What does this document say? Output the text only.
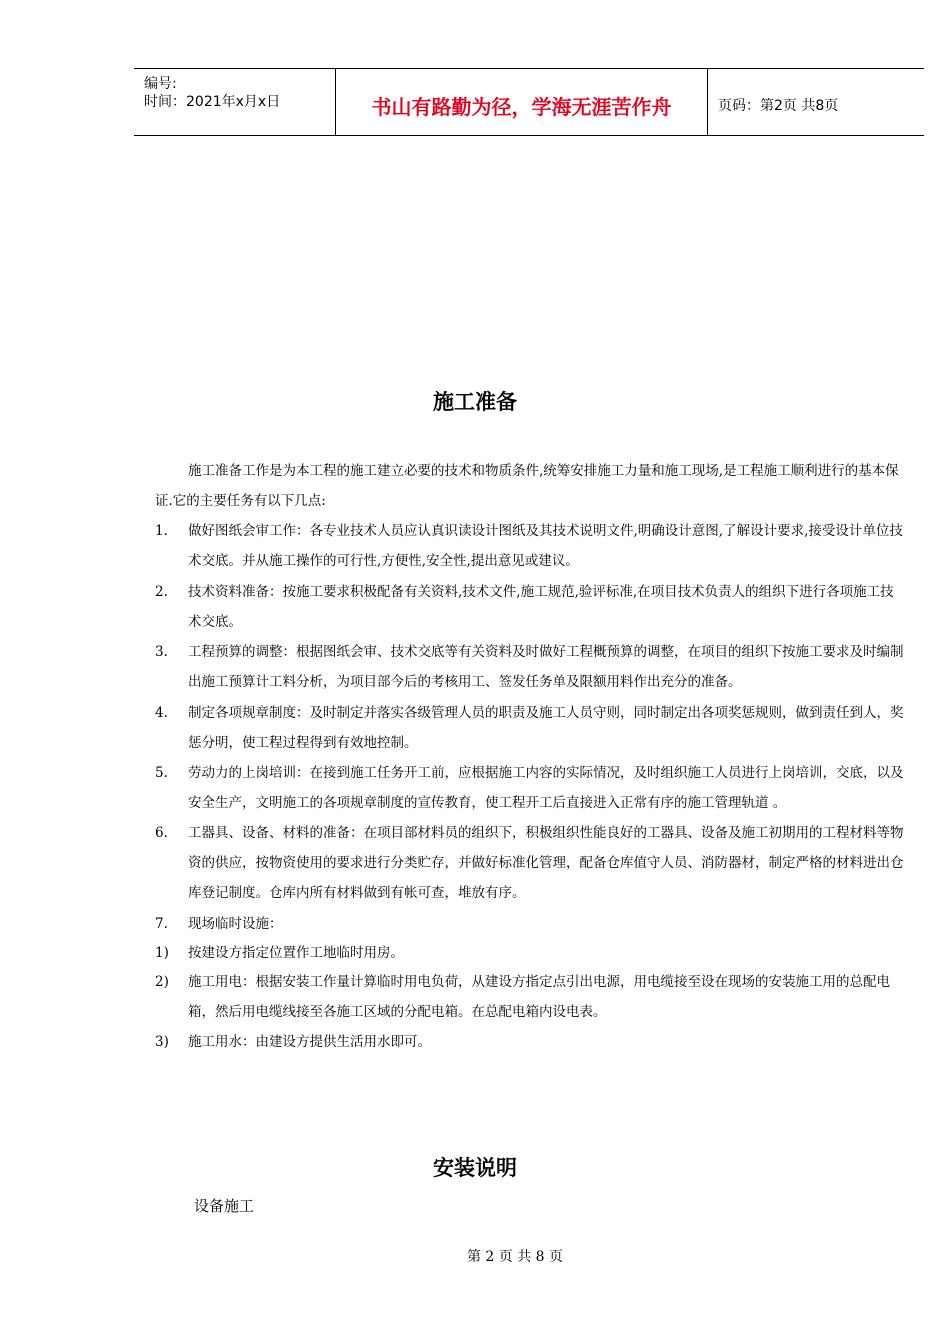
编号:
时间：2021年x月x日	书山有路勤为径，学海无涯苦作舟	页码：第2页 共8页
施工准备
施工准备工作是为本工程的施工建立必要的技术和物质条件,统筹安排施工力量和施工现场,是工程施工顺利进行的基本保证.它的主要任务有以下几点:
1. 做好图纸会审工作：各专业技术人员应认真识读设计图纸及其技术说明文件,明确设计意图,了解设计要求,接受设计单位技术交底。并从施工操作的可行性,方便性,安全性,提出意见或建议。
2. 技术资料准备：按施工要求积极配备有关资料,技术文件,施工规范,验评标准,在项目技术负责人的组织下进行各项施工技术交底。
3. 工程预算的调整：根据图纸会审、技术交底等有关资料及时做好工程概预算的调整，在项目的组织下按施工要求及时编制出施工预算计工料分析，为项目部今后的考核用工、签发任务单及限额用料作出充分的准备。
4. 制定各项规章制度：及时制定并落实各级管理人员的职责及施工人员守则，同时制定出各项奖惩规则，做到责任到人，奖惩分明，使工程过程得到有效地控制。
5. 劳动力的上岗培训：在接到施工任务开工前，应根据施工内容的实际情况，及时组织施工人员进行上岗培训，交底，以及安全生产，文明施工的各项规章制度的宣传教育，使工程开工后直接进入正常有序的施工管理轨道 。
6. 工器具、设备、材料的准备：在项目部材料员的组织下，积极组织性能良好的工器具、设备及施工初期用的工程材料等物资的供应，按物资使用的要求进行分类贮存，并做好标准化管理，配备仓库值守人员、消防器材，制定严格的材料进出仓库登记制度。仓库内所有材料做到有帐可查，堆放有序。
7. 现场临时设施：
1) 按建设方指定位置作工地临时用房。
2) 施工用电：根据安装工作量计算临时用电负荷，从建设方指定点引出电源，用电缆接至设在现场的安装施工用的总配电箱，然后用电缆线接至各施工区域的分配电箱。在总配电箱内设电表。
3) 施工用水：由建设方提供生活用水即可。
安装说明
设备施工
第 2 页 共 8 页
